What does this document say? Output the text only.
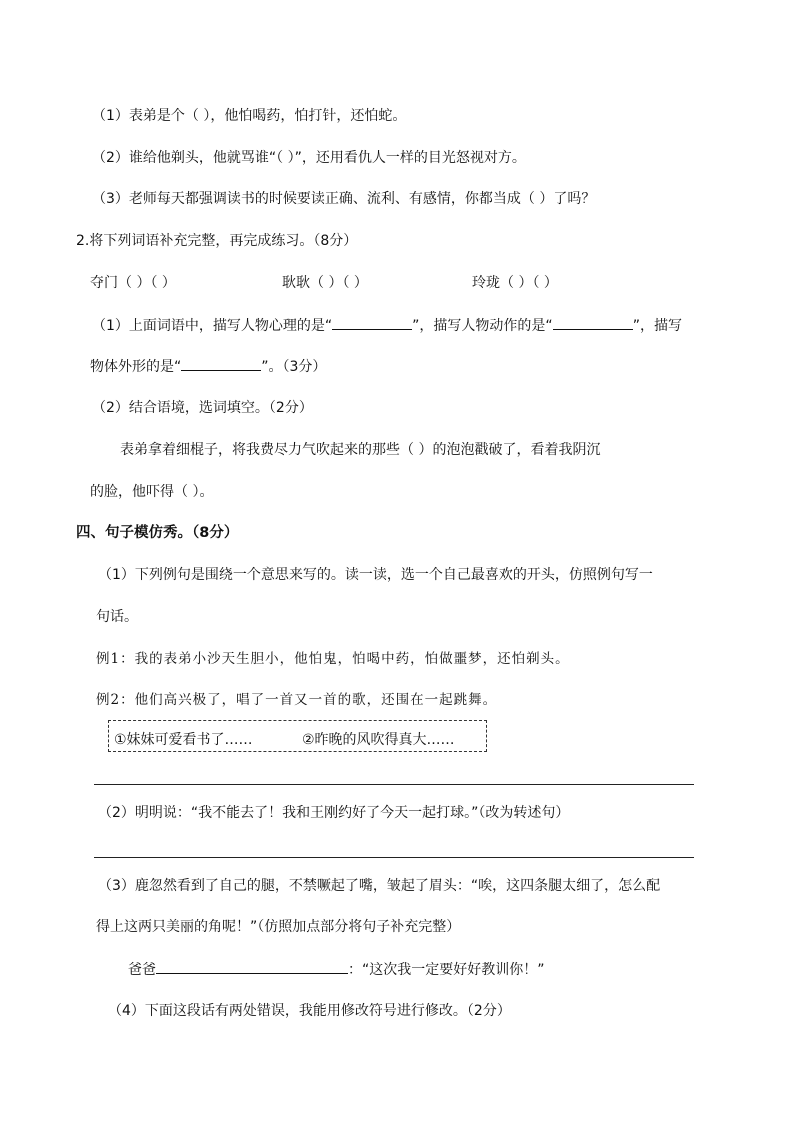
（1）表弟是个（ ），他怕喝药，怕打针，还怕蛇。
（2）谁给他剃头，他就骂谁“（ ）”，还用看仇人一样的目光怒视对方。
（3）老师每天都强调读书的时候要读正确、流利、有感情，你都当成（ ）了吗？
2.将下列词语补充完整，再完成练习。（8分）
夺门（ ）（ ）	耿耿（ ）（ ）	玲珑（ ）（ ）
（1）上面词语中，描写人物心理的是“	”，描写人物动作的是“	”，描写
物体外形的是“	”。（3分）
（2）结合语境，选词填空。（2分）
表弟拿着细棍子，将我费尽力气吹起来的那些（ ）的泡泡戳破了，看着我阴沉
的脸，他吓得（ ）。
四、句子模仿秀。（8分）
（1）下列例句是围绕一个意思来写的。读一读，选一个自己最喜欢的开头，仿照例句写一
句话。
例1：我的表弟小沙天生胆小，他怕鬼，怕喝中药，怕做噩梦，还怕剃头。
例2：他们高兴极了，唱了一首又一首的歌，还围在一起跳舞。
①妹妹可爱看书了……	②昨晚的风吹得真大……
（2）明明说：“我不能去了！我和王刚约好了今天一起打球。”（改为转述句）
（3）鹿忽然看到了自己的腿，不禁噘起了嘴，皱起了眉头：“唉，这四条腿太细了，怎么配
得上这两只美丽的角呢！”（仿照加点部分将句子补充完整）
爸爸	：“这次我一定要好好教训你！”
（4）下面这段话有两处错误，我能用修改符号进行修改。（2分）
